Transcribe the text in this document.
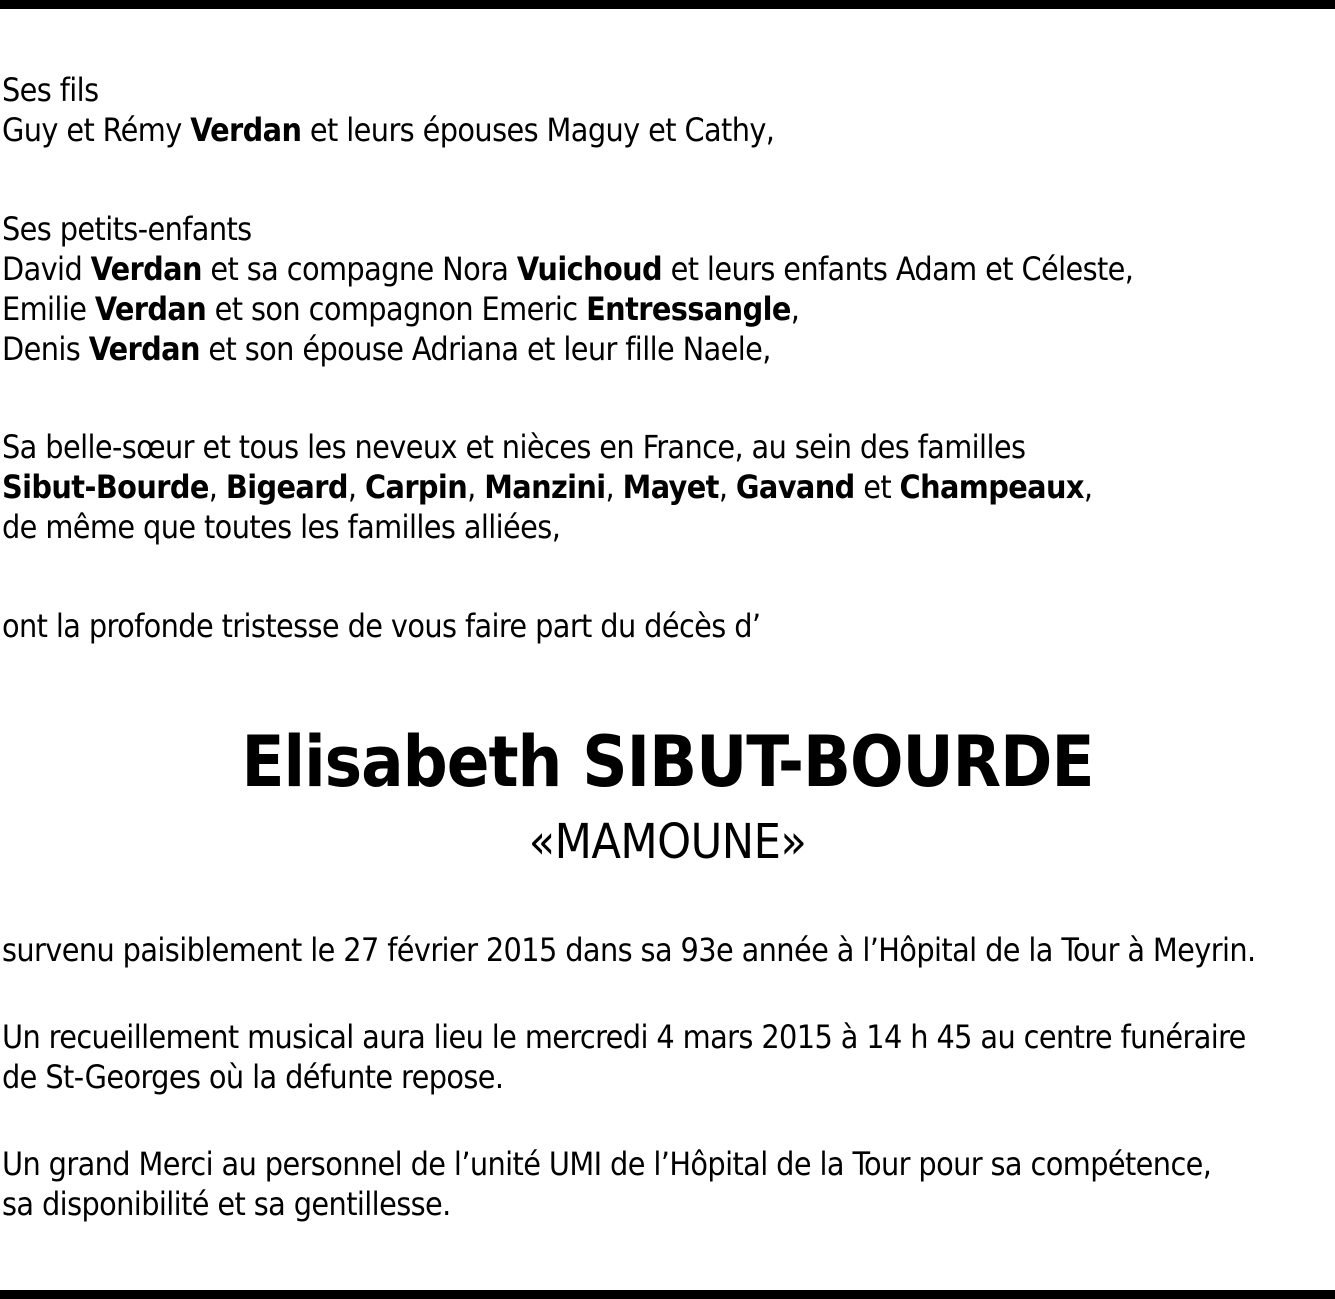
Ses fils
Guy et Rémy Verdan et leurs épouses Maguy et Cathy,
Ses petits-enfants
David Verdan et sa compagne Nora Vuichoud et leurs enfants Adam et Céleste,
Emilie Verdan et son compagnon Emeric Entressangle,
Denis Verdan et son épouse Adriana et leur fille Naele,
Sa belle-sœur et tous les neveux et nièces en France, au sein des familles
Sibut-Bourde, Bigeard, Carpin, Manzini, Mayet, Gavand et Champeaux,
de même que toutes les familles alliées,
ont la profonde tristesse de vous faire part du décès d’
Elisabeth SIBUT-BOURDE
«MAMOUNE»
survenu paisiblement le 27 février 2015 dans sa 93e année à l’Hôpital de la Tour à Meyrin.
Un recueillement musical aura lieu le mercredi 4 mars 2015 à 14 h 45 au centre funéraire
de St-Georges où la défunte repose.
Un grand Merci au personnel de l’unité UMI de l’Hôpital de la Tour pour sa compétence,
sa disponibilité et sa gentillesse.
